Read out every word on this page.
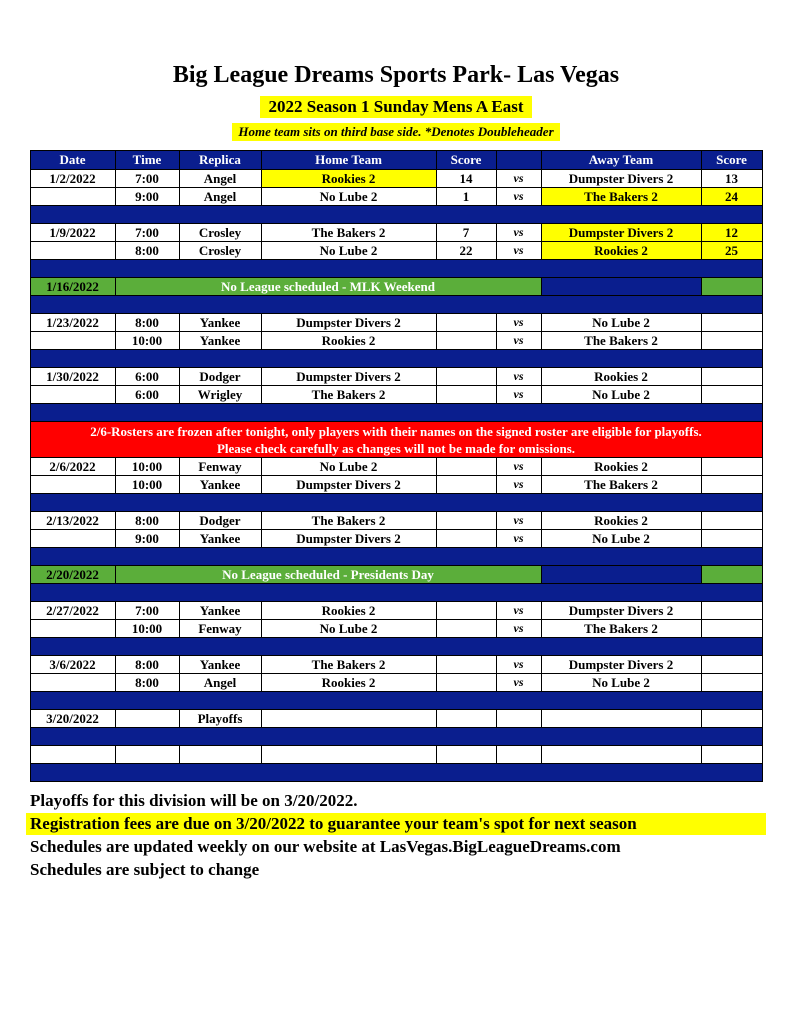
Big League Dreams Sports Park- Las Vegas
2022 Season 1 Sunday Mens A East
Home team sits on third base side. *Denotes Doubleheader
Date	Time	Replica	Home Team	Score		Away Team	Score
1/2/2022	7:00	Angel	Rookies 2	14	vs	Dumpster Divers 2	13
	9:00	Angel	No Lube 2	1	vs	The Bakers 2	24

1/9/2022	7:00	Crosley	The Bakers 2	7	vs	Dumpster Divers 2	12
	8:00	Crosley	No Lube 2	22	vs	Rookies 2	25

1/16/2022	No League scheduled - MLK Weekend						

1/23/2022	8:00	Yankee	Dumpster Divers 2		vs	No Lube 2	
	10:00	Yankee	Rookies 2		vs	The Bakers 2	

1/30/2022	6:00	Dodger	Dumpster Divers 2		vs	Rookies 2	
	6:00	Wrigley	The Bakers 2		vs	No Lube 2	

2/6-Rosters are frozen after tonight, only players with their names on the signed roster are eligible for playoffs.
Please check carefully as changes will not be made for omissions.							

2/6/2022	10:00	Fenway	No Lube 2		vs	Rookies 2	
	10:00	Yankee	Dumpster Divers 2		vs	The Bakers 2	

2/13/2022	8:00	Dodger	The Bakers 2		vs	Rookies 2	
	9:00	Yankee	Dumpster Divers 2		vs	No Lube 2	

2/20/2022	No League scheduled - Presidents Day						

2/27/2022	7:00	Yankee	Rookies 2		vs	Dumpster Divers 2	
	10:00	Fenway	No Lube 2		vs	The Bakers 2	

3/6/2022	8:00	Yankee	The Bakers 2		vs	Dumpster Divers 2	
	8:00	Angel	Rookies 2		vs	No Lube 2	

3/20/2022		Playoffs					

Playoffs for this division will be on 3/20/2022.
Registration fees are due on 3/20/2022 to guarantee your team's spot for next season
Schedules are updated weekly on our website at LasVegas.BigLeagueDreams.com
Schedules are subject to change
